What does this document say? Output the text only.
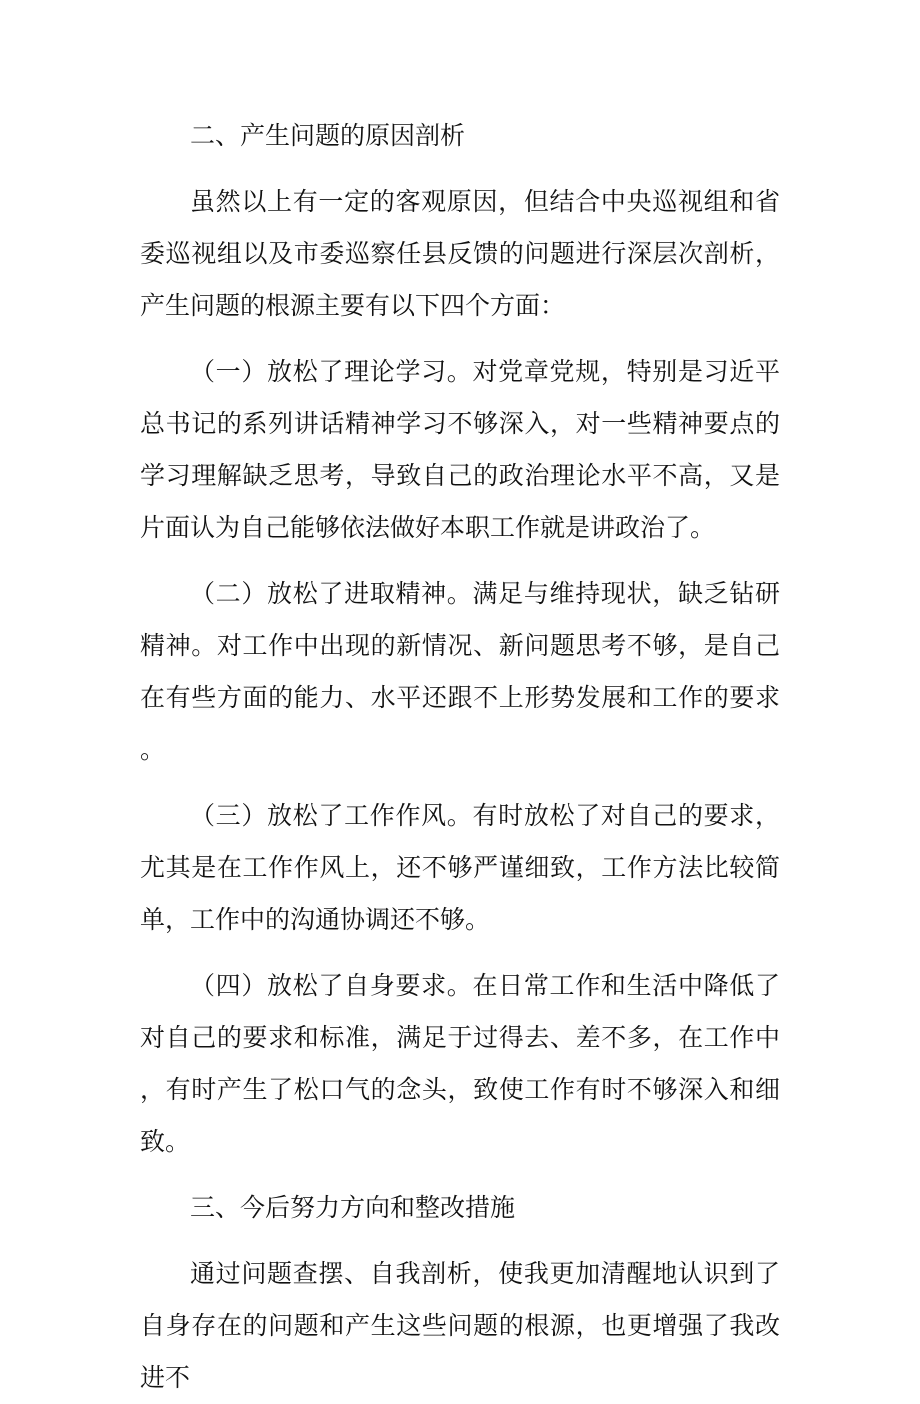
二、产生问题的原因剖析

虽然以上有一定的客观原因，但结合中央巡视组和省委巡视组以及市委巡察任县反馈的问题进行深层次剖析，产生问题的根源主要有以下四个方面：

（一）放松了理论学习。对党章党规，特别是习近平总书记的系列讲话精神学习不够深入，对一些精神要点的学习理解缺乏思考，导致自己的政治理论水平不高，又是片面认为自己能够依法做好本职工作就是讲政治了。

（二）放松了进取精神。满足与维持现状，缺乏钻研精神。对工作中出现的新情况、新问题思考不够，是自己在有些方面的能力、水平还跟不上形势发展和工作的要求。

（三）放松了工作作风。有时放松了对自己的要求，尤其是在工作作风上，还不够严谨细致，工作方法比较简单，工作中的沟通协调还不够。

（四）放松了自身要求。在日常工作和生活中降低了对自己的要求和标准，满足于过得去、差不多，在工作中，有时产生了松口气的念头，致使工作有时不够深入和细致。

三、今后努力方向和整改措施

通过问题查摆、自我剖析，使我更加清醒地认识到了自身存在的问题和产生这些问题的根源，也更增强了我改进不
